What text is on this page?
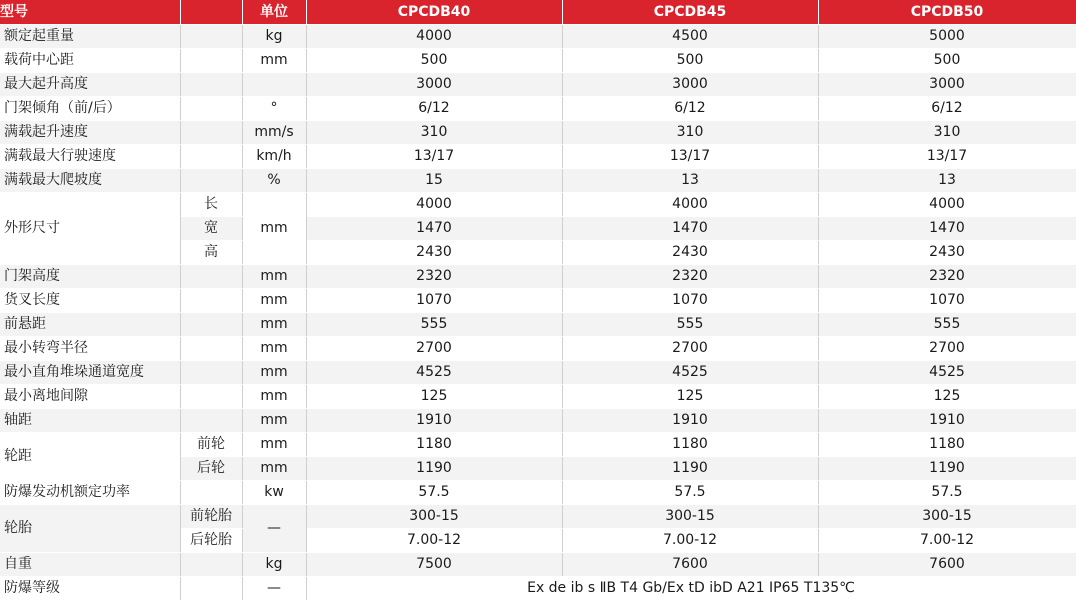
型号		单位	CPCDB40	CPCDB45	CPCDB50
额定起重量		kg	4000	4500	5000
载荷中心距		mm	500	500	500
最大起升高度			3000	3000	3000
门架倾角（前/后）		°	6/12	6/12	6/12
满载起升速度		mm/s	310	310	310
满载最大行驶速度		km/h	13/17	13/17	13/17
满载最大爬坡度		%	15	13	13
外形尺寸	长	mm	4000	4000	4000
	宽		1470	1470	1470
	高		2430	2430	2430
门架高度		mm	2320	2320	2320
货叉长度		mm	1070	1070	1070
前悬距		mm	555	555	555
最小转弯半径		mm	2700	2700	2700
最小直角堆垛通道宽度		mm	4525	4525	4525
最小离地间隙		mm	125	125	125
轴距		mm	1910	1910	1910
轮距	前轮	mm	1180	1180	1180
	后轮	mm	1190	1190	1190
防爆发动机额定功率		kw	57.5	57.5	57.5
轮胎	前轮胎	—	300-15	300-15	300-15
	后轮胎		7.00-12	7.00-12	7.00-12
自重		kg	7500	7600	7600
防爆等级		—	Ex de ib s ⅡB T4 Gb/Ex tD ibD A21 IP65 T135℃		
